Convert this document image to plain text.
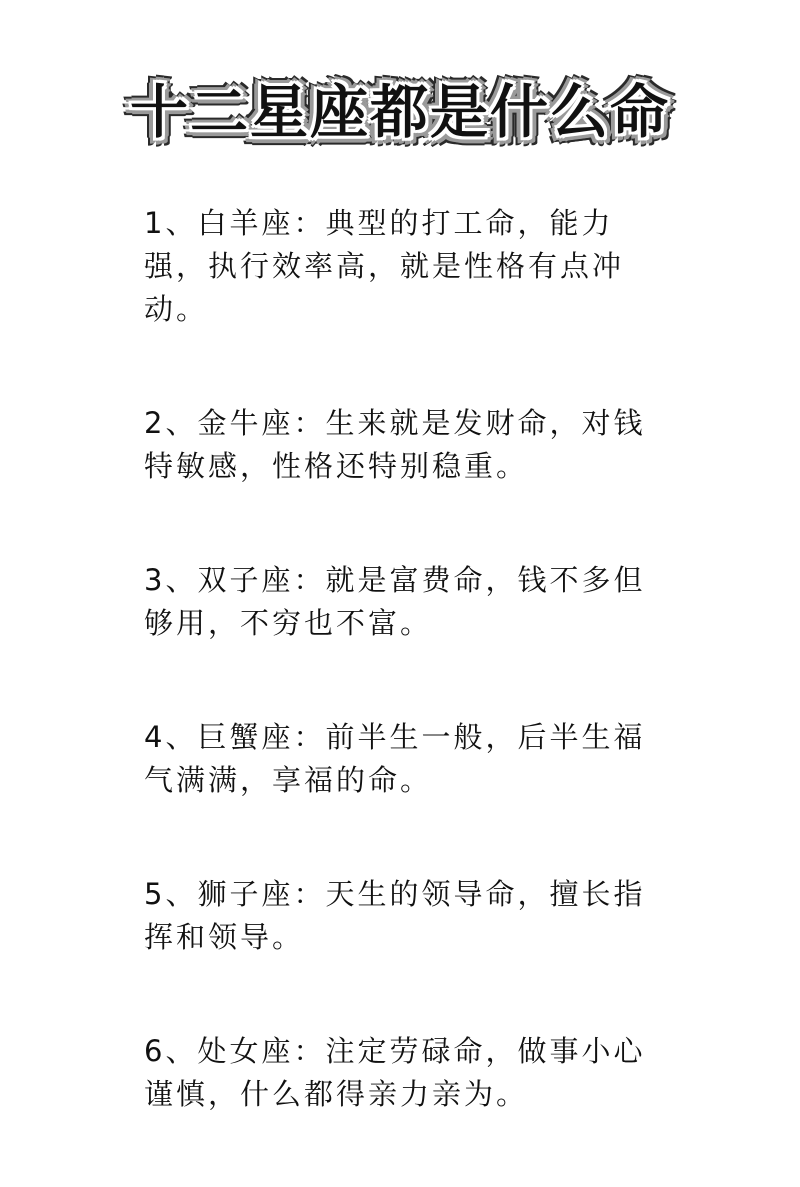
十二星座都是什么命
1、白羊座：典型的打工命，能力强，执行效率高，就是性格有点冲动。
2、金牛座：生来就是发财命，对钱特敏感，性格还特别稳重。
3、双子座：就是富费命，钱不多但够用，不穷也不富。
4、巨蟹座：前半生一般，后半生福气满满，享福的命。
5、狮子座：天生的领导命，擅长指挥和领导。
6、处女座：注定劳碌命，做事小心谨慎，什么都得亲力亲为。
